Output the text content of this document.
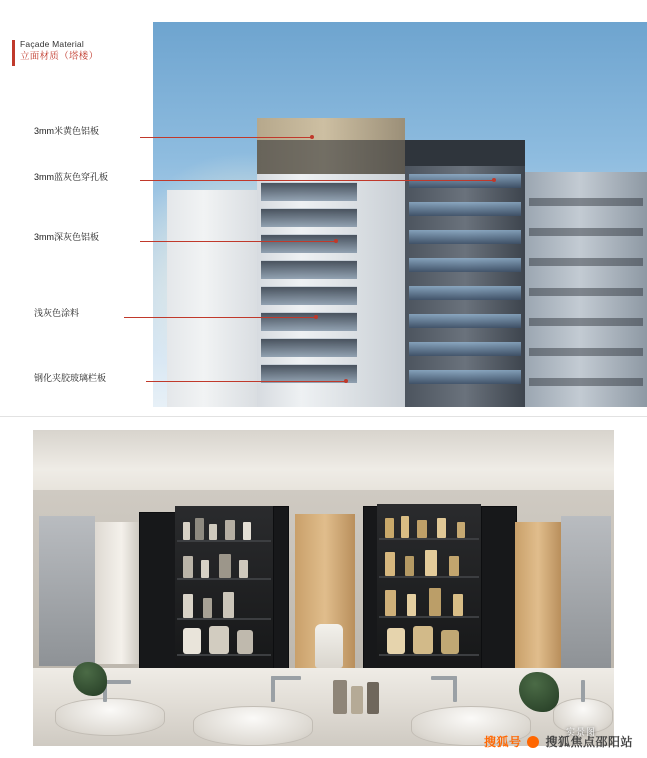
Façade Material
立面材质（塔楼）
3mm米黄色铝板
3mm蓝灰色穿孔板
3mm深灰色铝板
浅灰色涂料
钢化夹胶玻璃栏板
实景图
搜狐号 搜狐焦点邵阳站
